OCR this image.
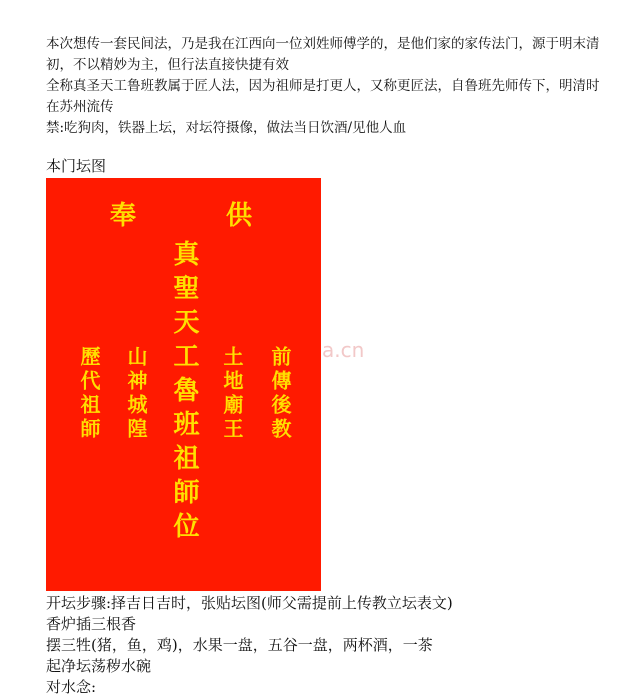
本次想传一套民间法，乃是我在江西向一位刘姓师傅学的，是他们家的家传法门，源于明末清初，不以精妙为主，但行法直接快捷有效

全称真圣天工鲁班教属于匠人法，因为祖师是打更人，又称更匠法，自鲁班先师传下，明清时在苏州流传

禁:吃狗肉，铁器上坛，对坛符摄像，做法当日饮酒/见他人血

本门坛图
奉	供
真聖天工魯班祖師位
歷代祖師 山神城隍	土地廟王 前傳後教 a.cn

开坛步骤:择吉日吉时，张贴坛图(师父需提前上传教立坛表文)

香炉插三根香

摆三牲(猪，鱼，鸡)，水果一盘，五谷一盘，两杯酒，一茶

起净坛荡秽水碗

对水念:
